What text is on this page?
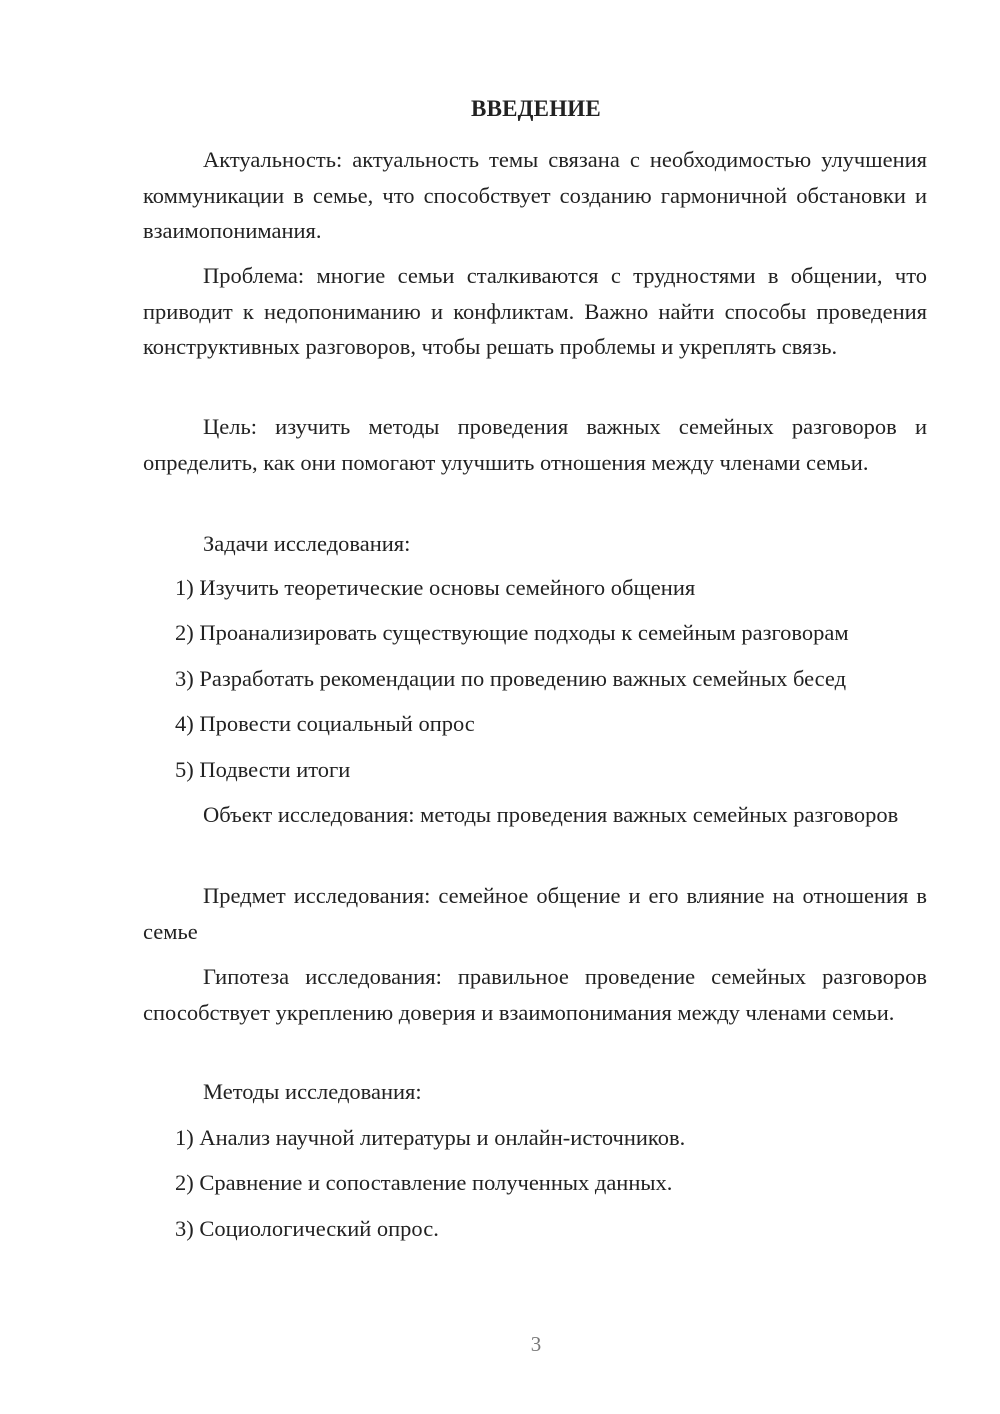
ВВЕДЕНИЕ
Актуальность: актуальность темы связана с необходимостью улучшения коммуникации в семье, что способствует созданию гармоничной обстановки и взаимопонимания.
Проблема: многие семьи сталкиваются с трудностями в общении, что приводит к недопониманию и конфликтам. Важно найти способы проведения конструктивных разговоров, чтобы решать проблемы и укреплять связь.
Цель: изучить методы проведения важных семейных разговоров и определить, как они помогают улучшить отношения между членами семьи.
Задачи исследования:
1) Изучить теоретические основы семейного общения
2) Проанализировать существующие подходы к семейным разговорам
3) Разработать рекомендации по проведению важных семейных бесед
4) Провести социальный опрос
5) Подвести итоги
Объект исследования: методы проведения важных семейных разговоров
Предмет исследования: семейное общение и его влияние на отношения в семье
Гипотеза исследования: правильное проведение семейных разговоров способствует укреплению доверия и взаимопонимания между членами семьи.
Методы исследования:
1) Анализ научной литературы и онлайн-источников.
2) Сравнение и сопоставление полученных данных.
3) Социологический опрос.
3
